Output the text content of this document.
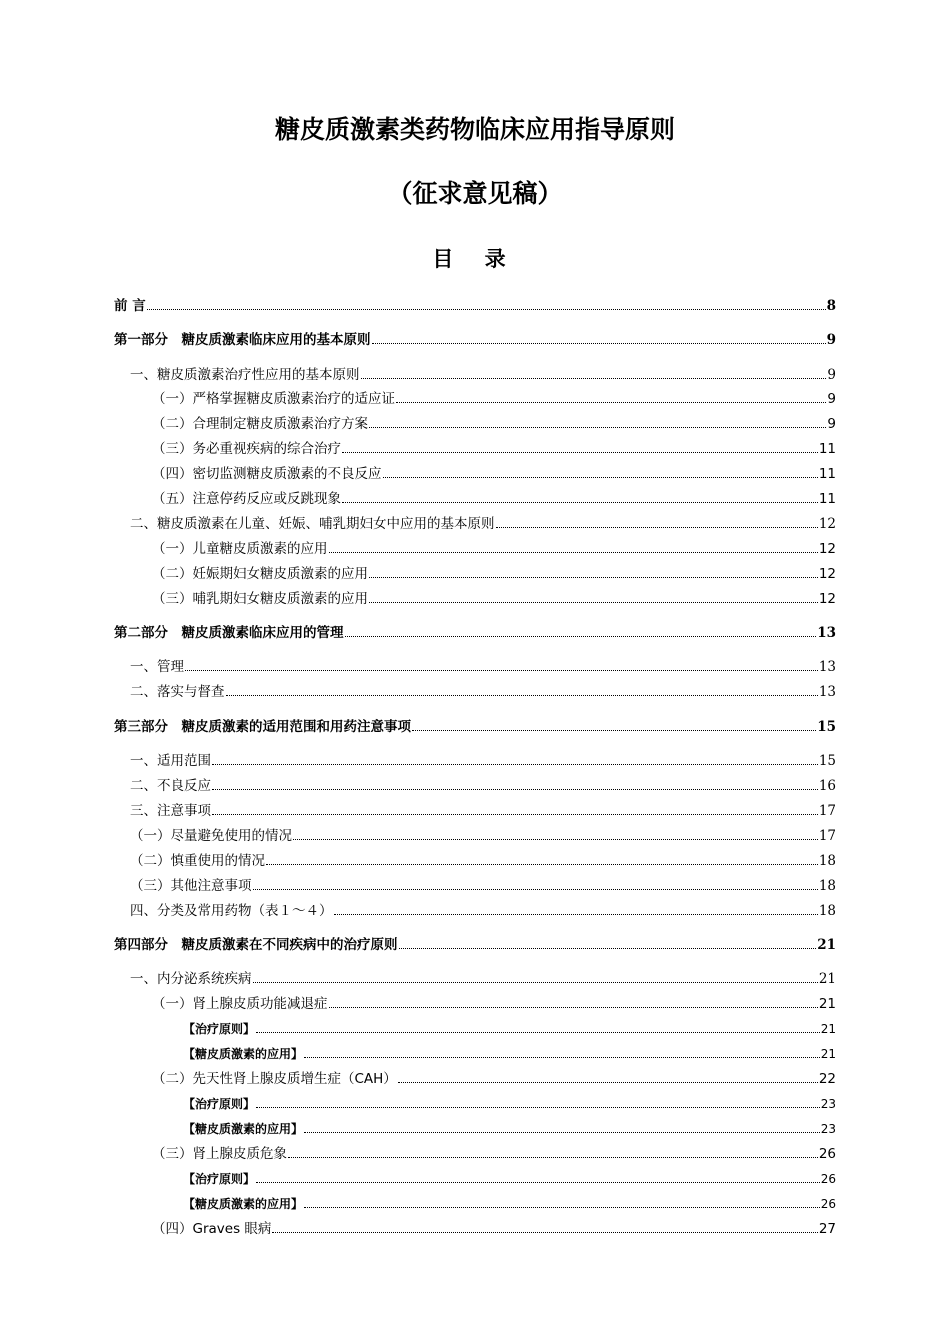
糖皮质激素类药物临床应用指导原则
（征求意见稿）
目 录
前 言	8
第一部分　糖皮质激素临床应用的基本原则	9
一、糖皮质激素治疗性应用的基本原则	9
（一）严格掌握糖皮质激素治疗的适应证	9
（二）合理制定糖皮质激素治疗方案	9
（三）务必重视疾病的综合治疗	11
（四）密切监测糖皮质激素的不良反应	11
（五）注意停药反应或反跳现象	11
二、糖皮质激素在儿童、妊娠、哺乳期妇女中应用的基本原则	12
（一）儿童糖皮质激素的应用	12
（二）妊娠期妇女糖皮质激素的应用	12
（三）哺乳期妇女糖皮质激素的应用	12
第二部分　糖皮质激素临床应用的管理	13
一、管理	13
二、落实与督查	13
第三部分　糖皮质激素的适用范围和用药注意事项	15
一、适用范围	15
二、不良反应	16
三、注意事项	17
（一）尽量避免使用的情况	17
（二）慎重使用的情况	18
（三）其他注意事项	18
四、分类及常用药物（表１～４）	18
第四部分　糖皮质激素在不同疾病中的治疗原则	21
一、内分泌系统疾病	21
（一）肾上腺皮质功能减退症	21
【治疗原则】	21
【糖皮质激素的应用】	21
（二）先天性肾上腺皮质增生症（CAH）	22
【治疗原则】	23
【糖皮质激素的应用】	23
（三）肾上腺皮质危象	26
【治疗原则】	26
【糖皮质激素的应用】	26
（四）Graves 眼病	27
